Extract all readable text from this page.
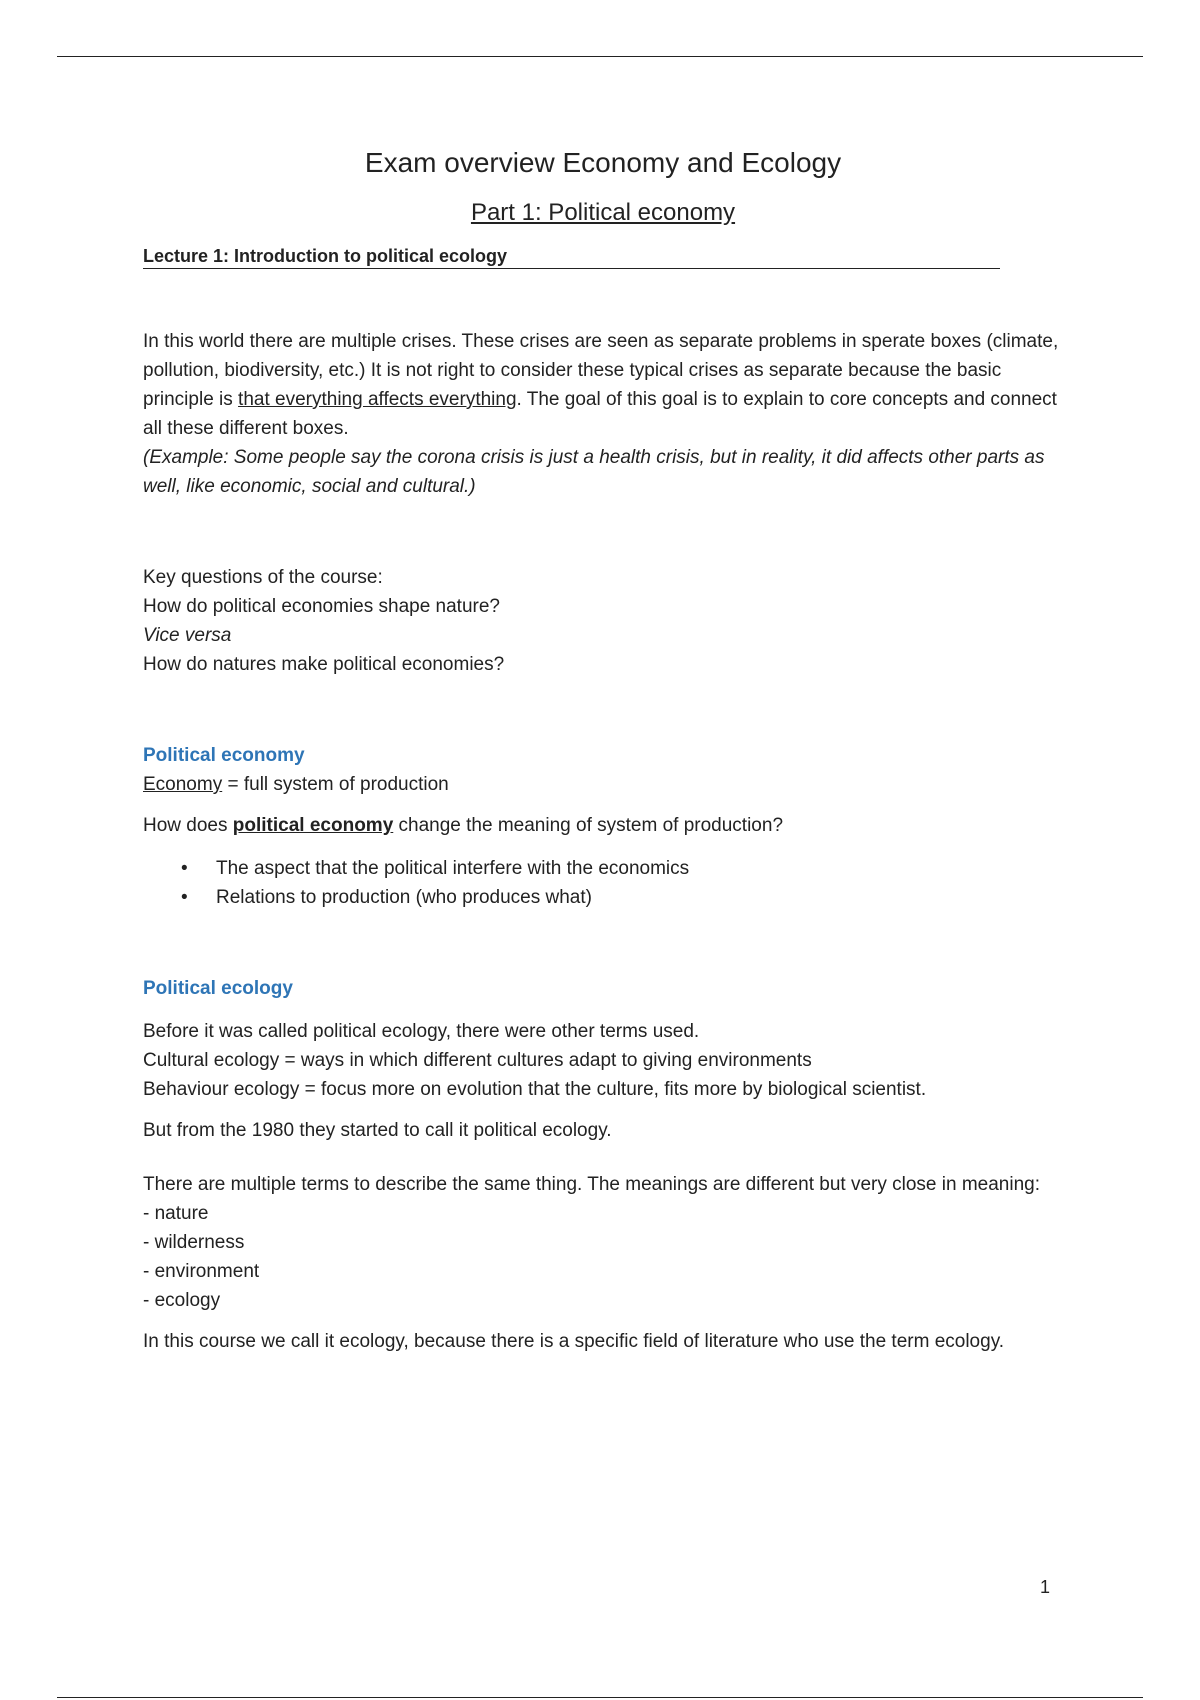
Exam overview Economy and Ecology
Part 1: Political economy
Lecture 1: Introduction to political ecology

In this world there are multiple crises. These crises are seen as separate problems in sperate boxes (climate, pollution, biodiversity, etc.) It is not right to consider these typical crises as separate because the basic principle is that everything affects everything. The goal of this goal is to explain to core concepts and connect all these different boxes.

(Example: Some people say the corona crisis is just a health crisis, but in reality, it did affects other parts as well, like economic, social and cultural.)

Key questions of the course:

How do political economies shape nature?

Vice versa

How do natures make political economies?

Political economy

Economy = full system of production

How does political economy change the meaning of system of production?

• The aspect that the political interfere with the economics
• Relations to production (who produces what)
Political ecology

Before it was called political ecology, there were other terms used.

Cultural ecology = ways in which different cultures adapt to giving environments

Behaviour ecology = focus more on evolution that the culture, fits more by biological scientist.

But from the 1980 they started to call it political ecology.

There are multiple terms to describe the same thing. The meanings are different but very close in meaning:

- nature

- wilderness

- environment

- ecology

In this course we call it ecology, because there is a specific field of literature who use the term ecology.

1
